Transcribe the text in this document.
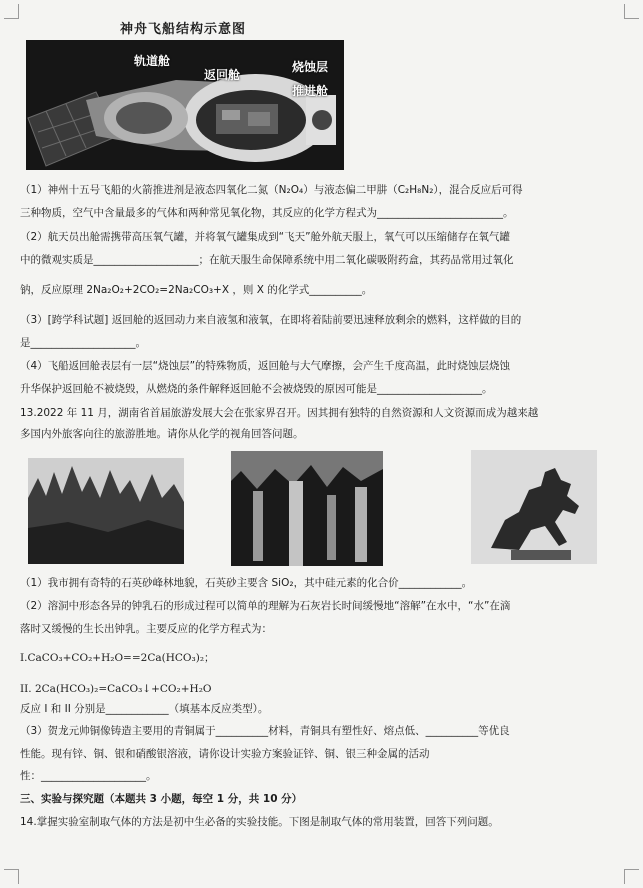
神舟飞船结构示意图
轨道舱
返回舱
烧蚀层
推进舱
（1）神州十五号飞船的火箭推进剂是液态四氧化二氮（N₂O₄）与液态偏二甲肼（C₂H₈N₂），混合反应后可得
三种物质，空气中含量最多的气体和两种常见氧化物，其反应的化学方程式为________________________。
（2）航天员出舱需携带高压氧气罐，并将氧气罐集成到“飞天”舱外航天服上，氧气可以压缩储存在氧气罐
中的微观实质是____________________；在航天服生命保障系统中用二氧化碳吸附药盒，其药品常用过氧化
钠，反应原理 2Na₂O₂+2CO₂=2Na₂CO₃+X ，则 X 的化学式__________。
（3）[跨学科试题] 返回舱的返回动力来自液氢和液氧，在即将着陆前要迅速释放剩余的燃料，这样做的目的
是____________________。
（4）飞船返回舱表层有一层“烧蚀层”的特殊物质，返回舱与大气摩擦，会产生千度高温，此时烧蚀层烧蚀
升华保护返回舱不被烧毁，从燃烧的条件解释返回舱不会被烧毁的原因可能是____________________。
13.2022 年 11 月，湖南省首届旅游发展大会在张家界召开。因其拥有独特的自然资源和人文资源而成为越来越
多国内外旅客向往的旅游胜地。请你从化学的视角回答问题。
（1）我市拥有奇特的石英砂峰林地貌，石英砂主要含 SiO₂，其中硅元素的化合价____________。
（2）溶洞中形态各异的钟乳石的形成过程可以简单的理解为石灰岩长时间缓慢地“溶解”在水中，“水”在滴
落时又缓慢的生长出钟乳。主要反应的化学方程式为：
I.CaCO₃+CO₂+H₂O==2Ca(HCO₃)₂；
II. 2Ca(HCO₃)₂=CaCO₃↓+CO₂+H₂O
反应 I 和 II 分别是____________（填基本反应类型）。
（3）贺龙元帅铜像铸造主要用的青铜属于__________材料，青铜具有塑性好、熔点低、__________等优良
性能。现有锌、铜、银和硝酸银溶液，请你设计实验方案验证锌、铜、银三种金属的活动
性：____________________。
三、实验与探究题（本题共 3 小题，每空 1 分，共 10 分）
14.掌握实验室制取气体的方法是初中生必备的实验技能。下图是制取气体的常用装置，回答下列问题。
